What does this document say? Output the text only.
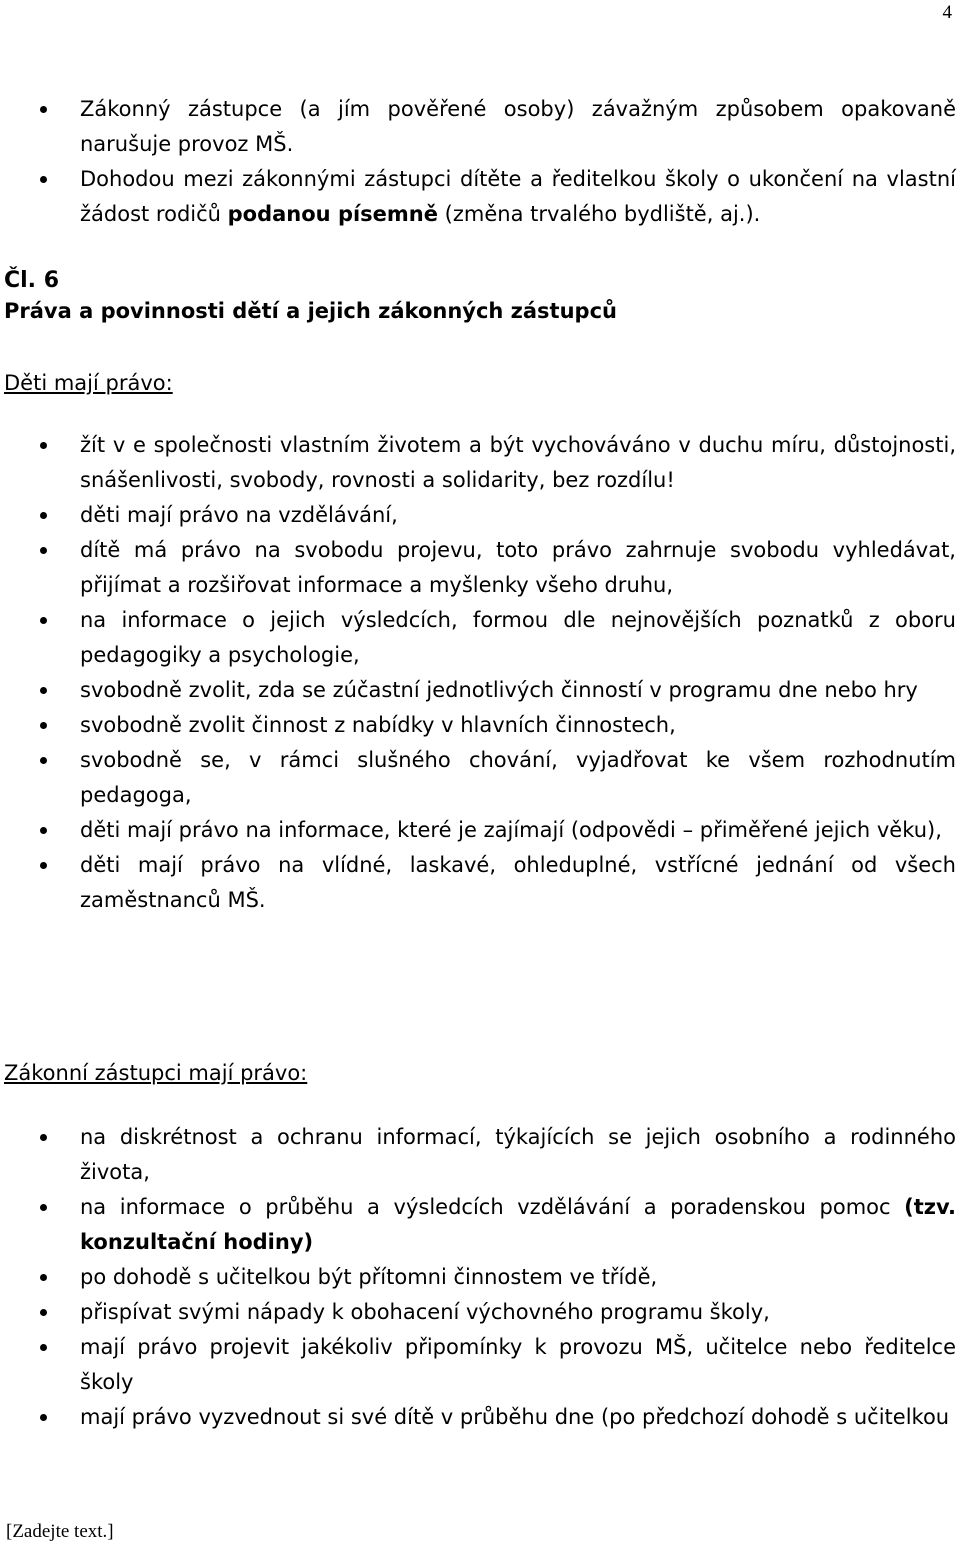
4
Zákonný zástupce (a jím pověřené osoby) závažným způsobem opakovaně narušuje provoz MŠ.
Dohodou mezi zákonnými zástupci dítěte a ředitelkou školy o ukončení na vlastní žádost rodičů podanou písemně (změna trvalého bydliště, aj.).
Čl. 6
Práva a povinnosti dětí a jejich zákonných zástupců
Děti mají právo:
žít v e společnosti vlastním životem a být vychováváno v duchu míru, důstojnosti, snášenlivosti, svobody, rovnosti a solidarity, bez rozdílu!
děti mají právo na vzdělávání,
dítě má právo na svobodu projevu, toto právo zahrnuje svobodu vyhledávat, přijímat a rozšiřovat informace a myšlenky všeho druhu,
na informace o jejich výsledcích, formou dle nejnovějších poznatků z oboru pedagogiky a psychologie,
svobodně zvolit, zda se zúčastní jednotlivých činností v programu dne nebo hry
svobodně zvolit činnost z nabídky v hlavních činnostech,
svobodně se, v rámci slušného chování, vyjadřovat ke všem rozhodnutím pedagoga,
děti mají právo na informace, které je zajímají (odpovědi – přiměřené jejich věku),
děti mají právo na vlídné, laskavé, ohleduplné, vstřícné jednání od všech zaměstnanců MŠ.
Zákonní zástupci mají právo:
na diskrétnost a ochranu informací, týkajících se jejich osobního a rodinného života,
na informace o průběhu a výsledcích vzdělávání a poradenskou pomoc (tzv. konzultační hodiny)
po dohodě s učitelkou být přítomni činnostem ve třídě,
přispívat svými nápady k obohacení výchovného programu školy,
mají právo projevit jakékoliv připomínky k provozu MŠ, učitelce nebo ředitelce školy
mají právo vyzvednout si své dítě v průběhu dne (po předchozí dohodě s učitelkou
[Zadejte text.]
